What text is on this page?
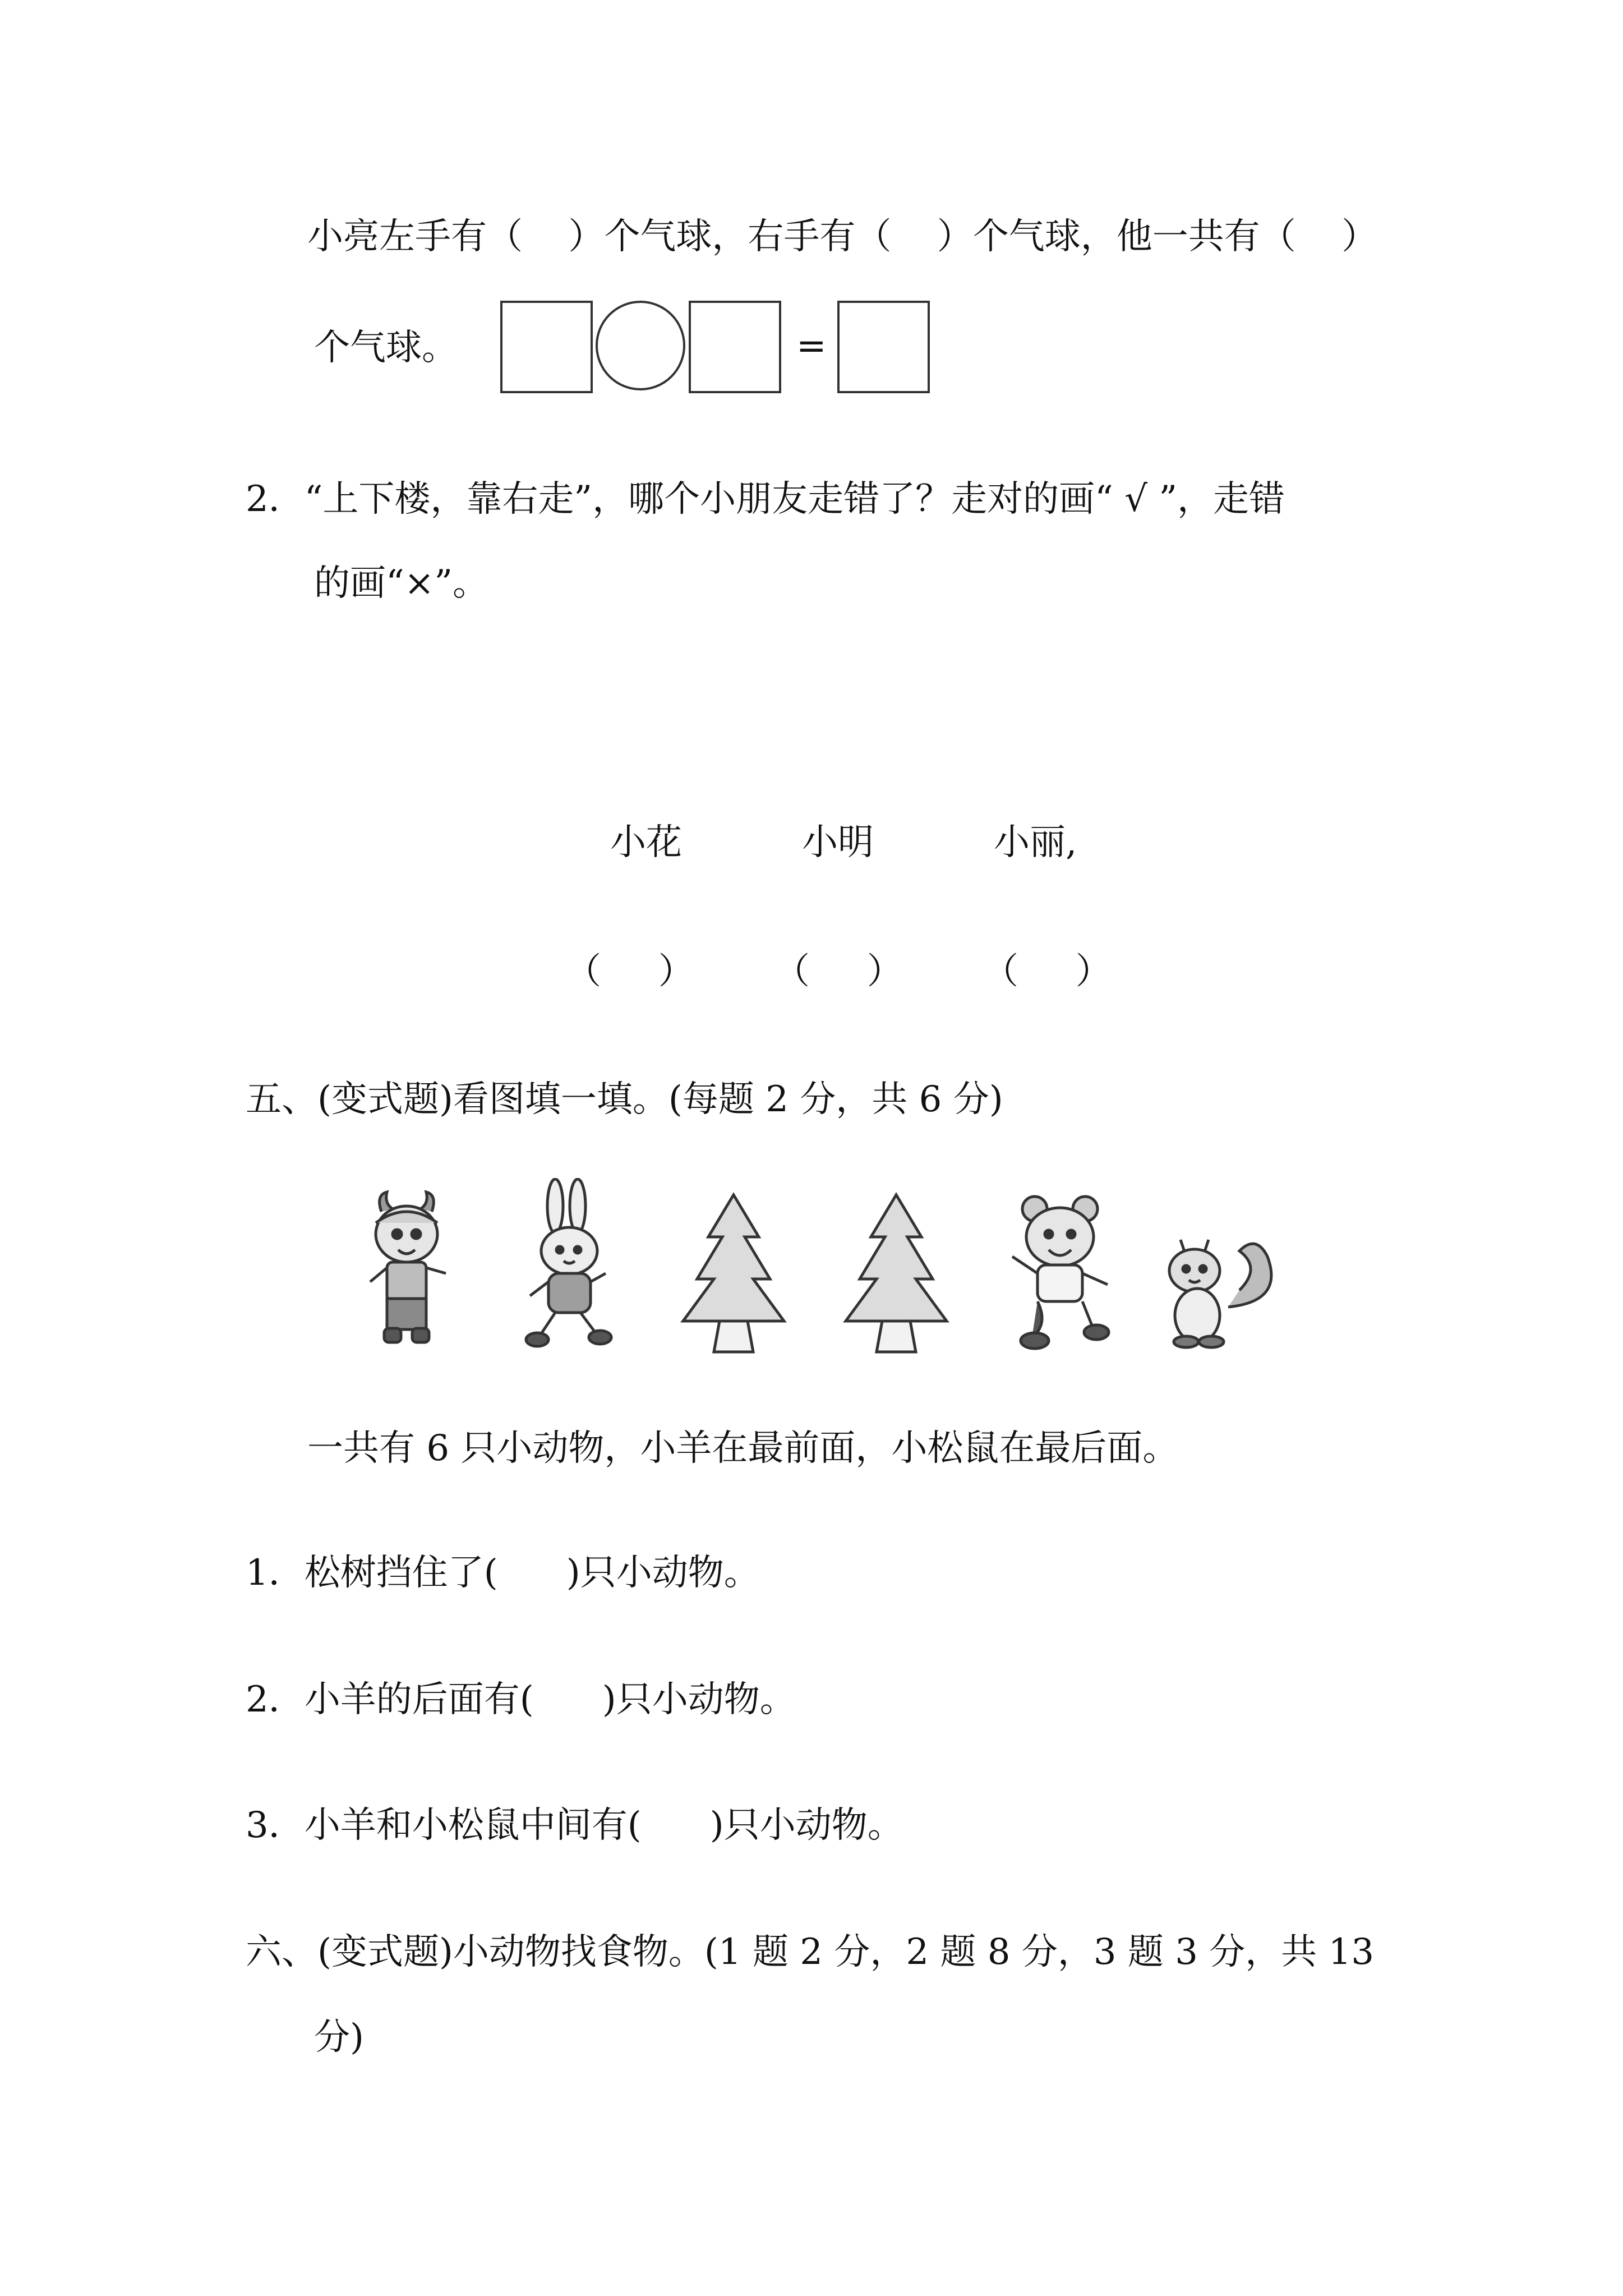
小亮左手有（    ）个气球，右手有（    ）个气球，他一共有（    ）

个气球。	=

2．“上下楼，靠右走”，哪个小朋友走错了？走对的画“ √ ”，走错

的画“×”。

小花	小明	小丽,

（     ） （     ） （     ）

五、(变式题)看图填一填。(每题 2 分，共 6 分)

一共有 6 只小动物，小羊在最前面，小松鼠在最后面。

1．松树挡住了(      )只小动物。

2．小羊的后面有(      )只小动物。

3．小羊和小松鼠中间有(      )只小动物。

六、(变式题)小动物找食物。(1 题 2 分，2 题 8 分，3 题 3 分，共 13

分)
